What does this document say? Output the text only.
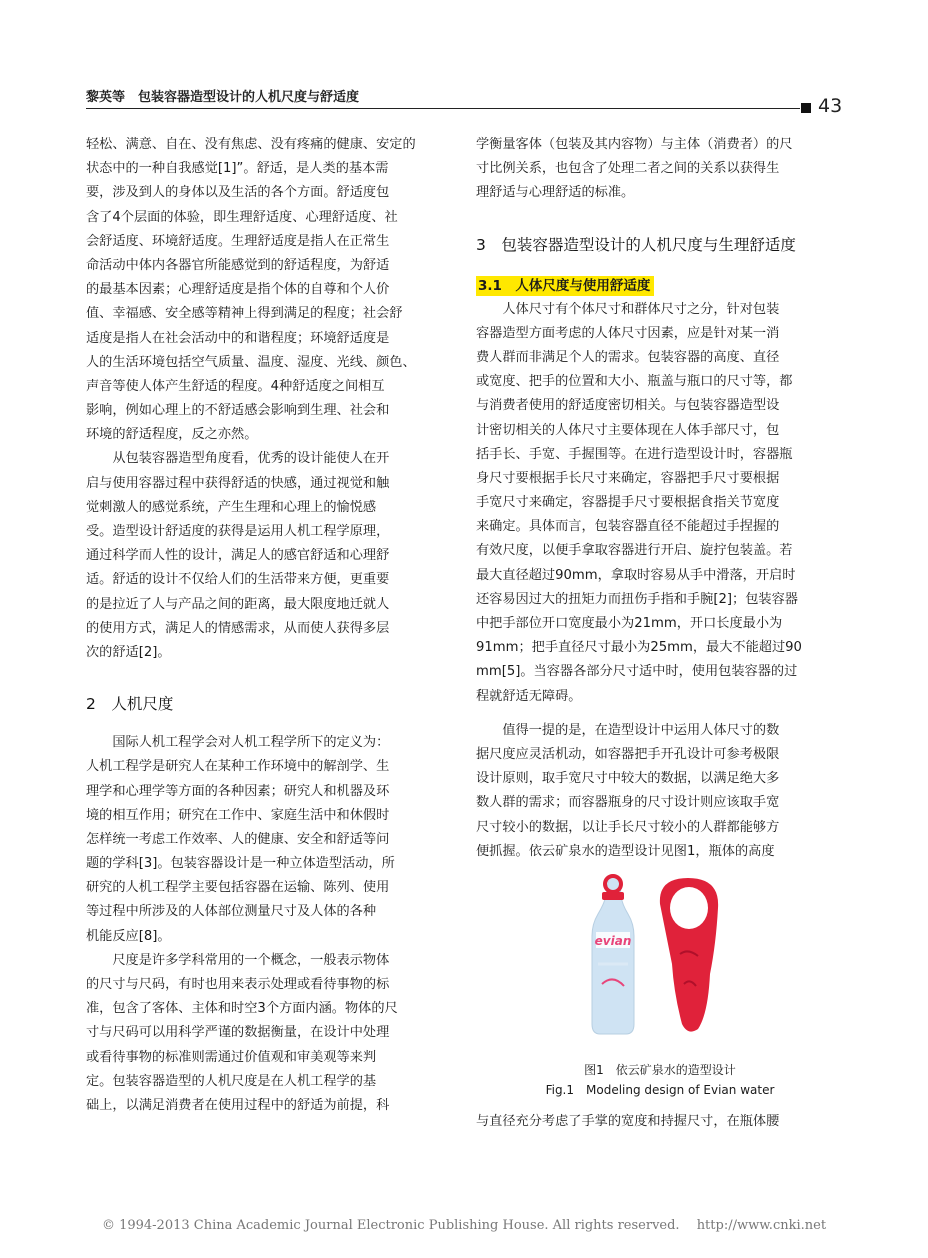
黎英等　包装容器造型设计的人机尺度与舒适度	43
轻松、满意、自在、没有焦虑、没有疼痛的健康、安定的
状态中的一种自我感觉[1]”。舒适，是人类的基本需
要，涉及到人的身体以及生活的各个方面。舒适度包
含了4个层面的体验，即生理舒适度、心理舒适度、社
会舒适度、环境舒适度。生理舒适度是指人在正常生
命活动中体内各器官所能感觉到的舒适程度，为舒适
的最基本因素；心理舒适度是指个体的自尊和个人价
值、幸福感、安全感等精神上得到满足的程度；社会舒
适度是指人在社会活动中的和谐程度；环境舒适度是
人的生活环境包括空气质量、温度、湿度、光线、颜色、
声音等使人体产生舒适的程度。4种舒适度之间相互
影响，例如心理上的不舒适感会影响到生理、社会和
环境的舒适程度，反之亦然。
　　从包装容器造型角度看，优秀的设计能使人在开
启与使用容器过程中获得舒适的快感，通过视觉和触
觉刺激人的感觉系统，产生生理和心理上的愉悦感
受。造型设计舒适度的获得是运用人机工程学原理，
通过科学而人性的设计，满足人的感官舒适和心理舒
适。舒适的设计不仅给人们的生活带来方便，更重要
的是拉近了人与产品之间的距离，最大限度地迁就人
的使用方式，满足人的情感需求，从而使人获得多层
次的舒适[2]。
2　人机尺度
　　国际人机工程学会对人机工程学所下的定义为：
人机工程学是研究人在某种工作环境中的解剖学、生
理学和心理学等方面的各种因素；研究人和机器及环
境的相互作用；研究在工作中、家庭生活中和休假时
怎样统一考虑工作效率、人的健康、安全和舒适等问
题的学科[3]。包装容器设计是一种立体造型活动，所
研究的人机工程学主要包括容器在运输、陈列、使用
等过程中所涉及的人体部位测量尺寸及人体的各种
机能反应[8]。
　　尺度是许多学科常用的一个概念，一般表示物体
的尺寸与尺码，有时也用来表示处理或看待事物的标
准，包含了客体、主体和时空3个方面内涵。物体的尺
寸与尺码可以用科学严谨的数据衡量，在设计中处理
或看待事物的标准则需通过价值观和审美观等来判
定。包装容器造型的人机尺度是在人机工程学的基
础上，以满足消费者在使用过程中的舒适为前提，科
学衡量客体（包装及其内容物）与主体（消费者）的尺
寸比例关系，也包含了处理二者之间的关系以获得生
理舒适与心理舒适的标准。
3　包装容器造型设计的人机尺度与生理舒适度
3.1　人体尺度与使用舒适度
　　人体尺寸有个体尺寸和群体尺寸之分，针对包装
容器造型方面考虑的人体尺寸因素，应是针对某一消
费人群而非满足个人的需求。包装容器的高度、直径
或宽度、把手的位置和大小、瓶盖与瓶口的尺寸等，都
与消费者使用的舒适度密切相关。与包装容器造型设
计密切相关的人体尺寸主要体现在人体手部尺寸，包
括手长、手宽、手握围等。在进行造型设计时，容器瓶
身尺寸要根据手长尺寸来确定，容器把手尺寸要根据
手宽尺寸来确定，容器提手尺寸要根据食指关节宽度
来确定。具体而言，包装容器直径不能超过手捏握的
有效尺度，以便手拿取容器进行开启、旋拧包装盖。若
最大直径超过90mm，拿取时容易从手中滑落，开启时
还容易因过大的扭矩力而扭伤手指和手腕[2]；包装容器
中把手部位开口宽度最小为21mm，开口长度最小为
91mm；把手直径尺寸最小为25mm，最大不能超过90
mm[5]。当容器各部分尺寸适中时，使用包装容器的过
程就舒适无障碍。
　　值得一提的是，在造型设计中运用人体尺寸的数
据尺度应灵活机动，如容器把手开孔设计可参考极限
设计原则，取手宽尺寸中较大的数据，以满足绝大多
数人群的需求；而容器瓶身的尺寸设计则应该取手宽
尺寸较小的数据，以让手长尺寸较小的人群都能够方
便抓握。依云矿泉水的造型设计见图1，瓶体的高度
evian
图1　依云矿泉水的造型设计
Fig.1　Modeling design of Evian water
与直径充分考虑了手掌的宽度和持握尺寸，在瓶体腰
© 1994-2013 China Academic Journal Electronic Publishing House. All rights reserved.　 http://www.cnki.net
